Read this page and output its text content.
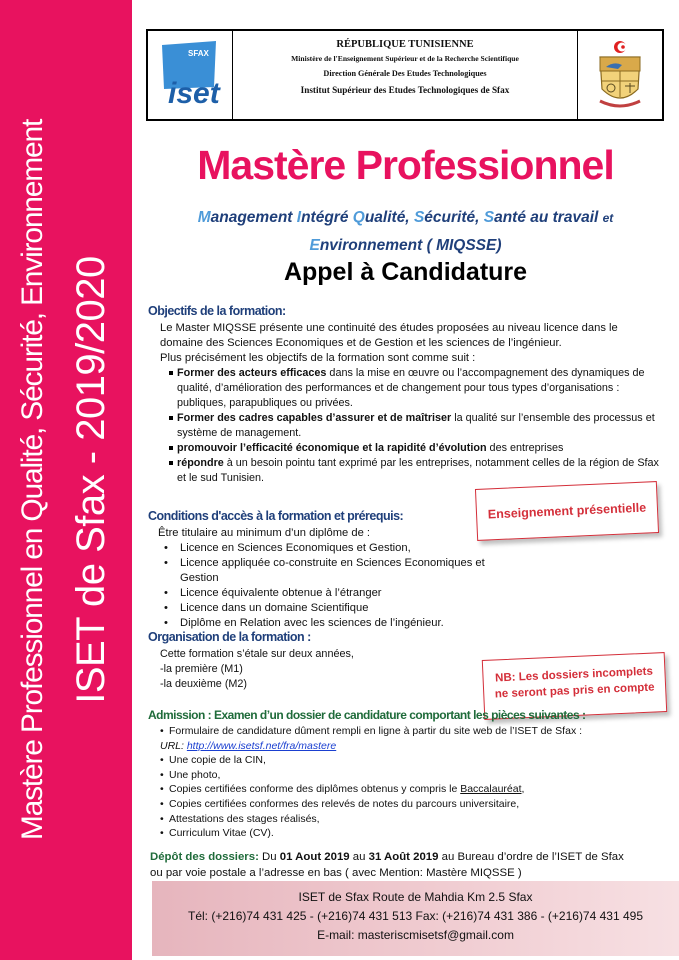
Mastère Professionnel en Qualité, Sécurité, Environnement ISET de Sfax - 2019/2020
SFAX
iset
RÉPUBLIQUE TUNISIENNE
Ministère de l'Enseignement Supérieur et de la Recherche Scientifique
Direction Générale Des Etudes Technologiques
Institut Supérieur des Etudes Technologiques de Sfax
Mastère Professionnel
Management Intégré Qualité, Sécurité, Santé au travail et
Environnement ( MIQSSE)
Appel à Candidature
Objectifs de la formation:

Le Master MIQSSE présente une continuité des études proposées au niveau licence dans le domaine des Sciences Economiques et de Gestion et les sciences de l’ingénieur.

Plus précisément les objectifs de la formation sont comme suit :

Former des acteurs efficaces dans la mise en œuvre ou l’accompagnement des dynamiques de qualité, d’amélioration des performances et de changement pour tous types d’organisations : publiques, parapubliques ou privées.
Former des cadres capables d’assurer et de maîtriser la qualité sur l’ensemble des processus et système de management.
promouvoir l’efficacité économique et la rapidité d’évolution des entreprises
répondre à un besoin pointu tant exprimé par les entreprises, notamment celles de la région de Sfax et le sud Tunisien.
Enseignement présentielle
Conditions d'accès à la formation et prérequis:

Être titulaire au minimum d’un diplôme de :

• Licence en Sciences Economiques et Gestion,
• Licence appliquée co-construite en Sciences Economiques et Gestion
• Licence équivalente obtenue à l’étranger
• Licence dans un domaine Scientifique
• Diplôme en Relation avec les sciences de l’ingénieur.
Organisation de la formation :

Cette formation s’étale sur deux années,

-la première (M1)

-la deuxième (M2)	NB: Les dossiers incomplets
ne seront pas pris en compte
Admission : Examen d’un dossier de candidature comportant les pièces suivantes :
• Formulaire de candidature dûment rempli en ligne à partir du site web de l’ISET de Sfax :
URL: http://www.isetsf.net/fra/mastere
• Une copie de la CIN,
• Une photo,
• Copies certifiées conforme des diplômes obtenus y compris le Baccalauréat,
• Copies certifiées conformes des relevés de notes du parcours universitaire,
• Attestations des stages réalisés,
• Curriculum Vitae (CV).
Dépôt des dossiers: Du 01 Aout 2019 au 31 Août 2019 au Bureau d’ordre de l’ISET de Sfax ou par voie postale a l’adresse en bas ( avec Mention: Mastère MIQSSE )
ISET de Sfax Route de Mahdia Km 2.5 Sfax
Tél: (+216)74 431 425 - (+216)74 431 513 Fax: (+216)74 431 386 - (+216)74 431 495
E-mail: masteriscmisetsf@gmail.com
